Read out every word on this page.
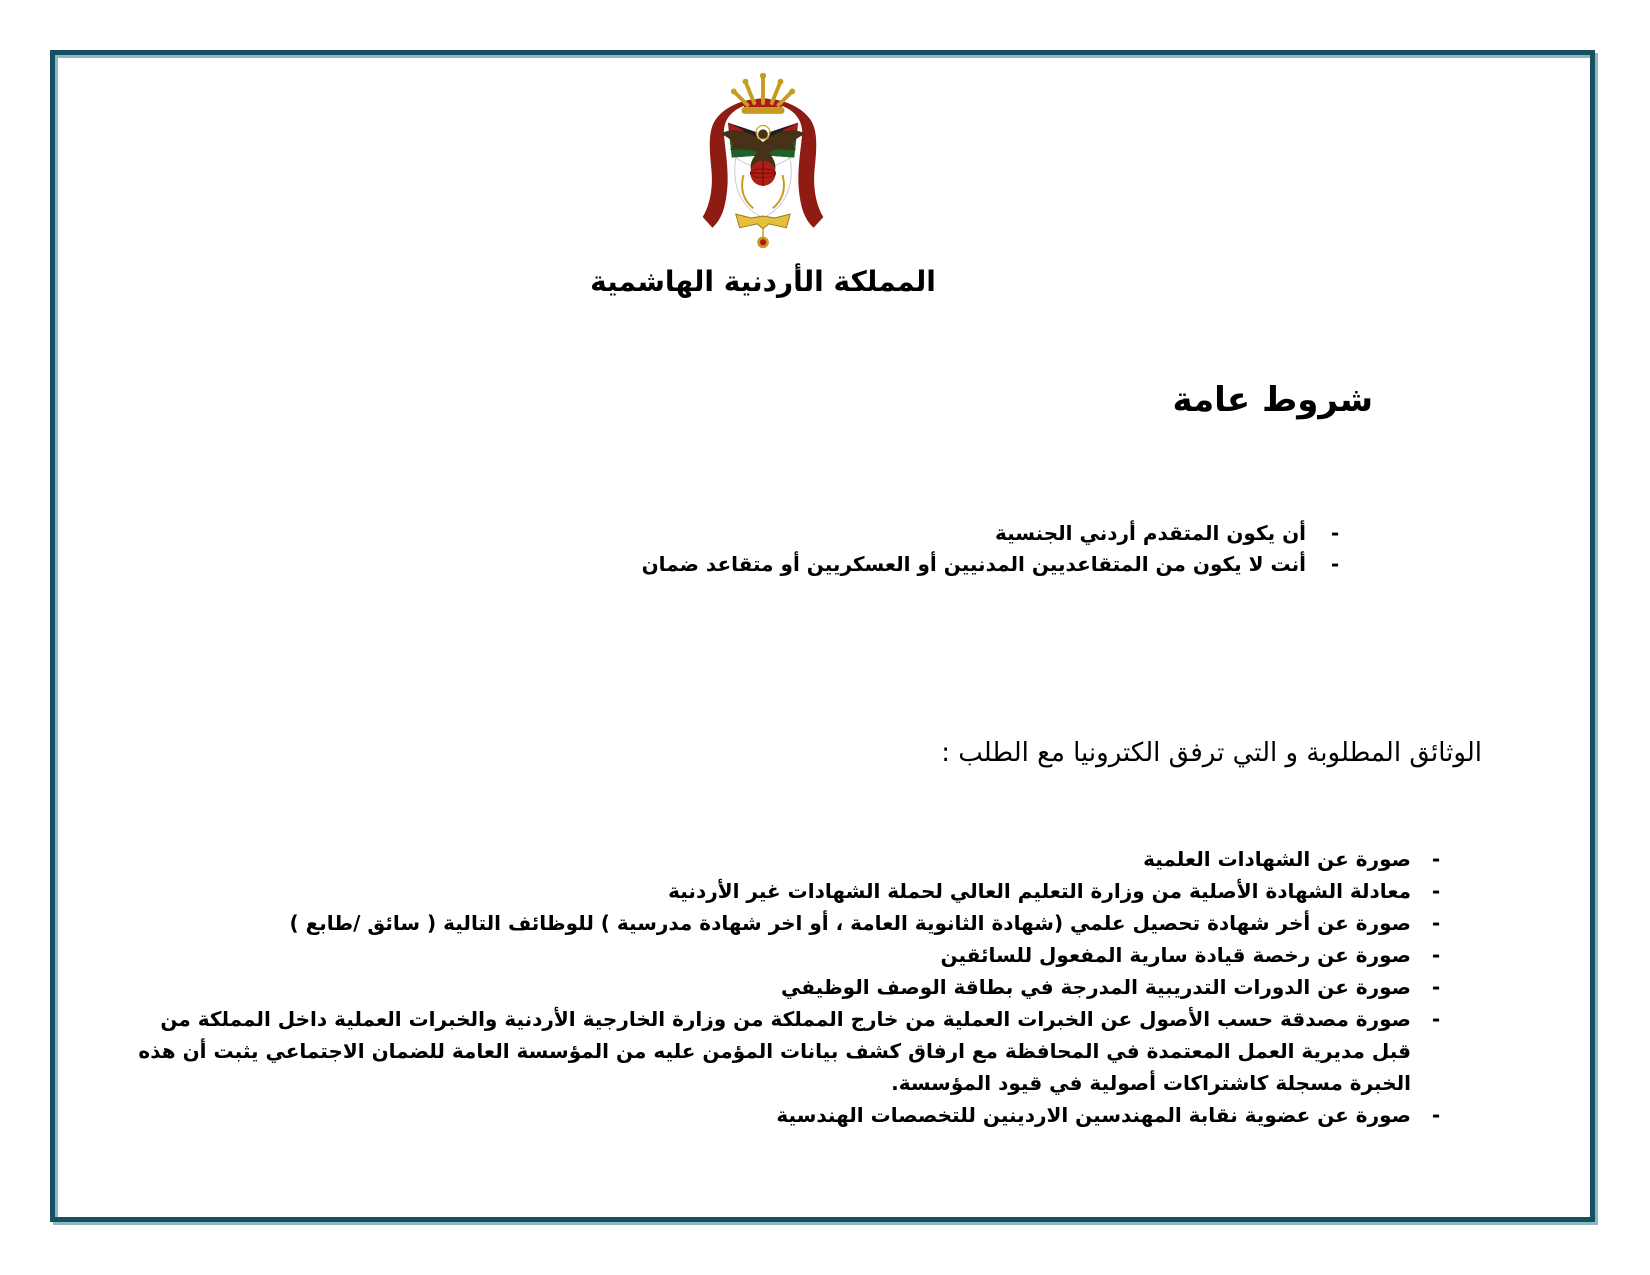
المملكة الأردنية الهاشمية
شروط عامة
-
أن يكون المتقدم أردني الجنسية
-
أنت لا يكون من المتقاعديين المدنيين أو العسكريين أو متقاعد ضمان
الوثائق المطلوبة و التي ترفق الكترونيا مع الطلب :
-
صورة عن الشهادات العلمية
-
معادلة الشهادة الأصلية من وزارة التعليم العالي لحملة الشهادات غير الأردنية
-
صورة عن أخر شهادة تحصيل علمي (شهادة الثانوية العامة ، أو اخر شهادة مدرسية ) للوظائف التالية ( سائق /طابع )
-
صورة عن رخصة قيادة سارية المفعول للسائقين
-
صورة عن الدورات التدريبية المدرجة في بطاقة الوصف الوظيفي
-
صورة مصدقة حسب الأصول عن الخبرات العملية من خارج المملكة من وزارة الخارجية الأردنية والخبرات العملية داخل المملكة من قبل مديرية العمل المعتمدة في المحافظة مع ارفاق كشف بيانات المؤمن عليه من المؤسسة العامة للضمان الاجتماعي يثبت أن هذه الخبرة مسجلة كاشتراكات أصولية في قيود المؤسسة.
-
صورة عن عضوية نقابة المهندسين الاردينين للتخصصات الهندسية
